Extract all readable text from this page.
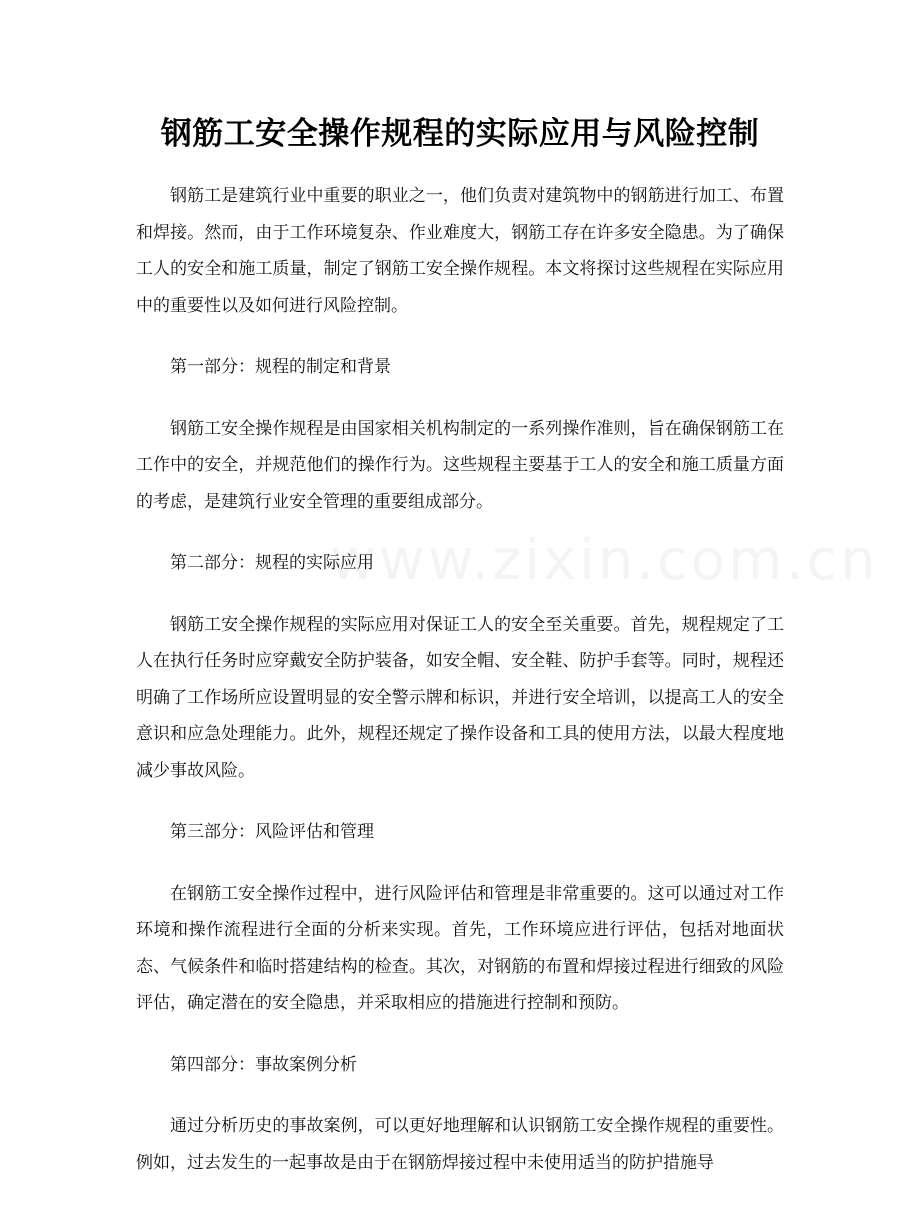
www.zixin.com.cn
钢筋工安全操作规程的实际应用与风险控制

钢筋工是建筑行业中重要的职业之一，他们负责对建筑物中的钢筋进行加工、布置和焊接。然而，由于工作环境复杂、作业难度大，钢筋工存在许多安全隐患。为了确保工人的安全和施工质量，制定了钢筋工安全操作规程。本文将探讨这些规程在实际应用中的重要性以及如何进行风险控制。

第一部分：规程的制定和背景

钢筋工安全操作规程是由国家相关机构制定的一系列操作准则，旨在确保钢筋工在工作中的安全，并规范他们的操作行为。这些规程主要基于工人的安全和施工质量方面的考虑，是建筑行业安全管理的重要组成部分。

第二部分：规程的实际应用

钢筋工安全操作规程的实际应用对保证工人的安全至关重要。首先，规程规定了工人在执行任务时应穿戴安全防护装备，如安全帽、安全鞋、防护手套等。同时，规程还明确了工作场所应设置明显的安全警示牌和标识，并进行安全培训，以提高工人的安全意识和应急处理能力。此外，规程还规定了操作设备和工具的使用方法，以最大程度地减少事故风险。

第三部分：风险评估和管理

在钢筋工安全操作过程中，进行风险评估和管理是非常重要的。这可以通过对工作环境和操作流程进行全面的分析来实现。首先，工作环境应进行评估，包括对地面状态、气候条件和临时搭建结构的检查。其次，对钢筋的布置和焊接过程进行细致的风险评估，确定潜在的安全隐患，并采取相应的措施进行控制和预防。

第四部分：事故案例分析

通过分析历史的事故案例，可以更好地理解和认识钢筋工安全操作规程的重要性。例如，过去发生的一起事故是由于在钢筋焊接过程中未使用适当的防护措施导
